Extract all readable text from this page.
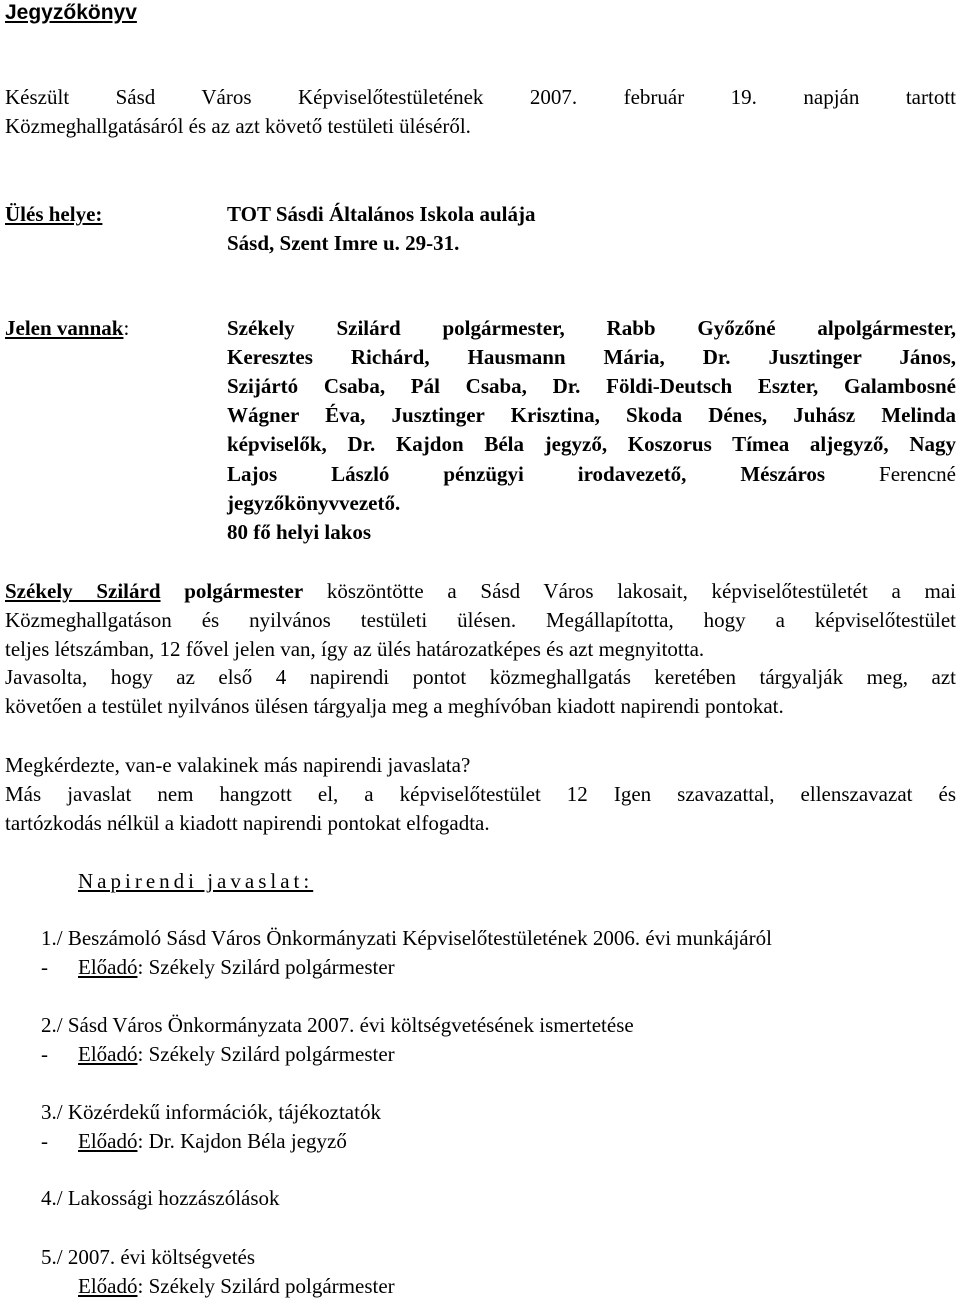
Jegyzőkönyv
Készült Sásd Város Képviselőtestületének 2007. február 19. napján tartott
Közmeghallgatásáról és az azt követő testületi üléséről.
Ülés helye:	TOT Sásdi Általános Iskola aulája
Sásd, Szent Imre u. 29-31.
Jelen vannak:	Székely Szilárd polgármester, Rabb Győzőné alpolgármester,
Keresztes Richárd, Hausmann Mária, Dr. Jusztinger János,
Szijártó Csaba, Pál Csaba, Dr. Földi-Deutsch Eszter, Galambosné
Wágner Éva, Jusztinger Krisztina, Skoda Dénes, Juhász Melinda
képviselők, Dr. Kajdon Béla jegyző, Koszorus Tímea aljegyző, Nagy
Lajos László pénzügyi irodavezető, Mészáros	Ferencné
jegyzőkönyvvezető.
80 fő helyi lakos
Székely Szilárd polgármester köszöntötte a Sásd Város lakosait, képviselőtestületét a mai
Közmeghallgatáson és nyilvános testületi ülésen. Megállapította, hogy a képviselőtestület
teljes létszámban, 12 fővel jelen van, így az ülés határozatképes és azt megnyitotta.
Javasolta, hogy az első 4 napirendi pontot közmeghallgatás keretében tárgyalják meg, azt
követően a testület nyilvános ülésen tárgyalja meg a meghívóban kiadott napirendi pontokat.
Megkérdezte, van-e valakinek más napirendi javaslata?
Más javaslat nem hangzott el, a képviselőtestület 12 Igen szavazattal, ellenszavazat és
tartózkodás nélkül a kiadott napirendi pontokat elfogadta.
Napirendi javaslat:
1./ Beszámoló Sásd Város Önkormányzati Képviselőtestületének 2006. évi munkájáról
- Előadó: Székely Szilárd polgármester
2./ Sásd Város Önkormányzata 2007. évi költségvetésének ismertetése
- Előadó: Székely Szilárd polgármester
3./ Közérdekű információk, tájékoztatók
- Előadó: Dr. Kajdon Béla jegyző
4./ Lakossági hozzászólások
5./ 2007. évi költségvetés
Előadó: Székely Szilárd polgármester
